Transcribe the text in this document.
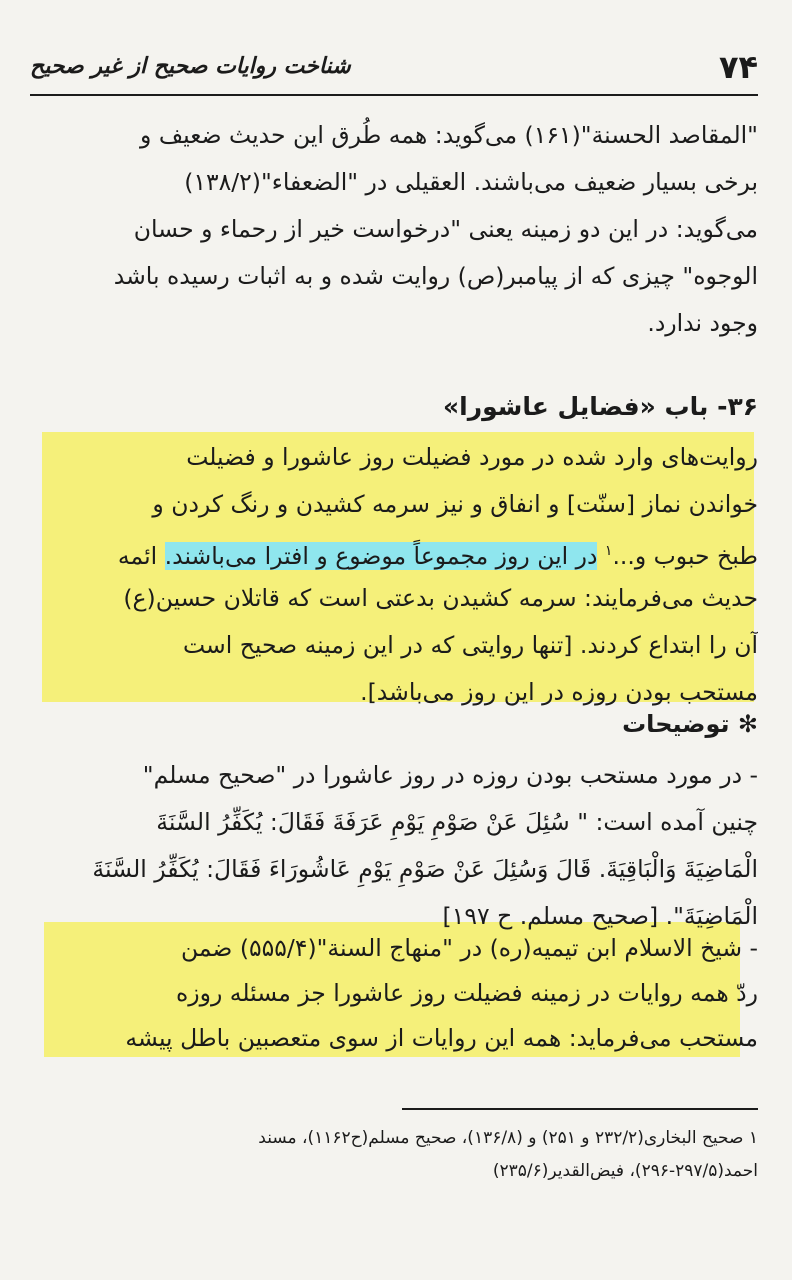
۷۴
شناخت روایات صحیح از غیر صحیح
"المقاصد الحسنة"(۱۶۱) می‌گوید: همه طُرق این حدیث ضعیف و
برخی بسیار ضعیف می‌باشند. العقیلی در "الضعفاء"(۱۳۸/۲)
می‌گوید: در این دو زمینه یعنی "درخواست خیر از رحماء و حسان
الوجوه" چیزی که از پیامبر(ص) روایت شده و به اثبات رسیده باشد
وجود ندارد.
۳۶- باب «فضایل عاشورا»
روایت‌های وارد شده در مورد فضیلت روز عاشورا و فضیلت
خواندن نماز [سنّت] و انفاق و نیز سرمه کشیدن و رنگ کردن و
طبخ حبوب و...$^۱$ در این روز مجموعاً موضوع و افترا می‌باشند. ائمه
حدیث می‌فرمایند: سرمه کشیدن بدعتی است که قاتلان حسین(ع)
آن را ابتداع کردند. [تنها روایتی که در این زمینه صحیح است
مستحب بودن روزه در این روز می‌باشد].
✻ توضیحات
- در مورد مستحب بودن روزه در روز عاشورا در "صحیح مسلم"
چنین آمده است: " سُئِلَ عَنْ صَوْمِ یَوْمِ عَرَفَةَ فَقَالَ: یُكَفِّرُ السَّنَةَ
الْمَاضِیَةَ وَالْبَاقِیَةَ. قَالَ وَسُئِلَ عَنْ صَوْمِ یَوْمِ عَاشُورَاءَ فَقَالَ: یُكَفِّرُ السَّنَةَ
الْمَاضِیَةَ". [صحیح مسلم. ح ۱۹۷]
- شیخ الاسلام ابن تیمیه(ره) در "منهاج السنة"(۵۵۵/۴) ضمن
ردّ همه روایات در زمینه فضیلت روز عاشورا جز مسئله روزه
مستحب می‌فرماید: همه این روایات از سوی متعصبین باطل پیشه
۱ صحیح البخاری(۲۳۲/۲ و ۲۵۱) و (۱۳۶/۸)، صحیح مسلم(ح۱۱۶۲)، مسند
احمد(۲۹۷/۵-۲۹۶)، فیض‌القدیر(۲۳۵/۶)
